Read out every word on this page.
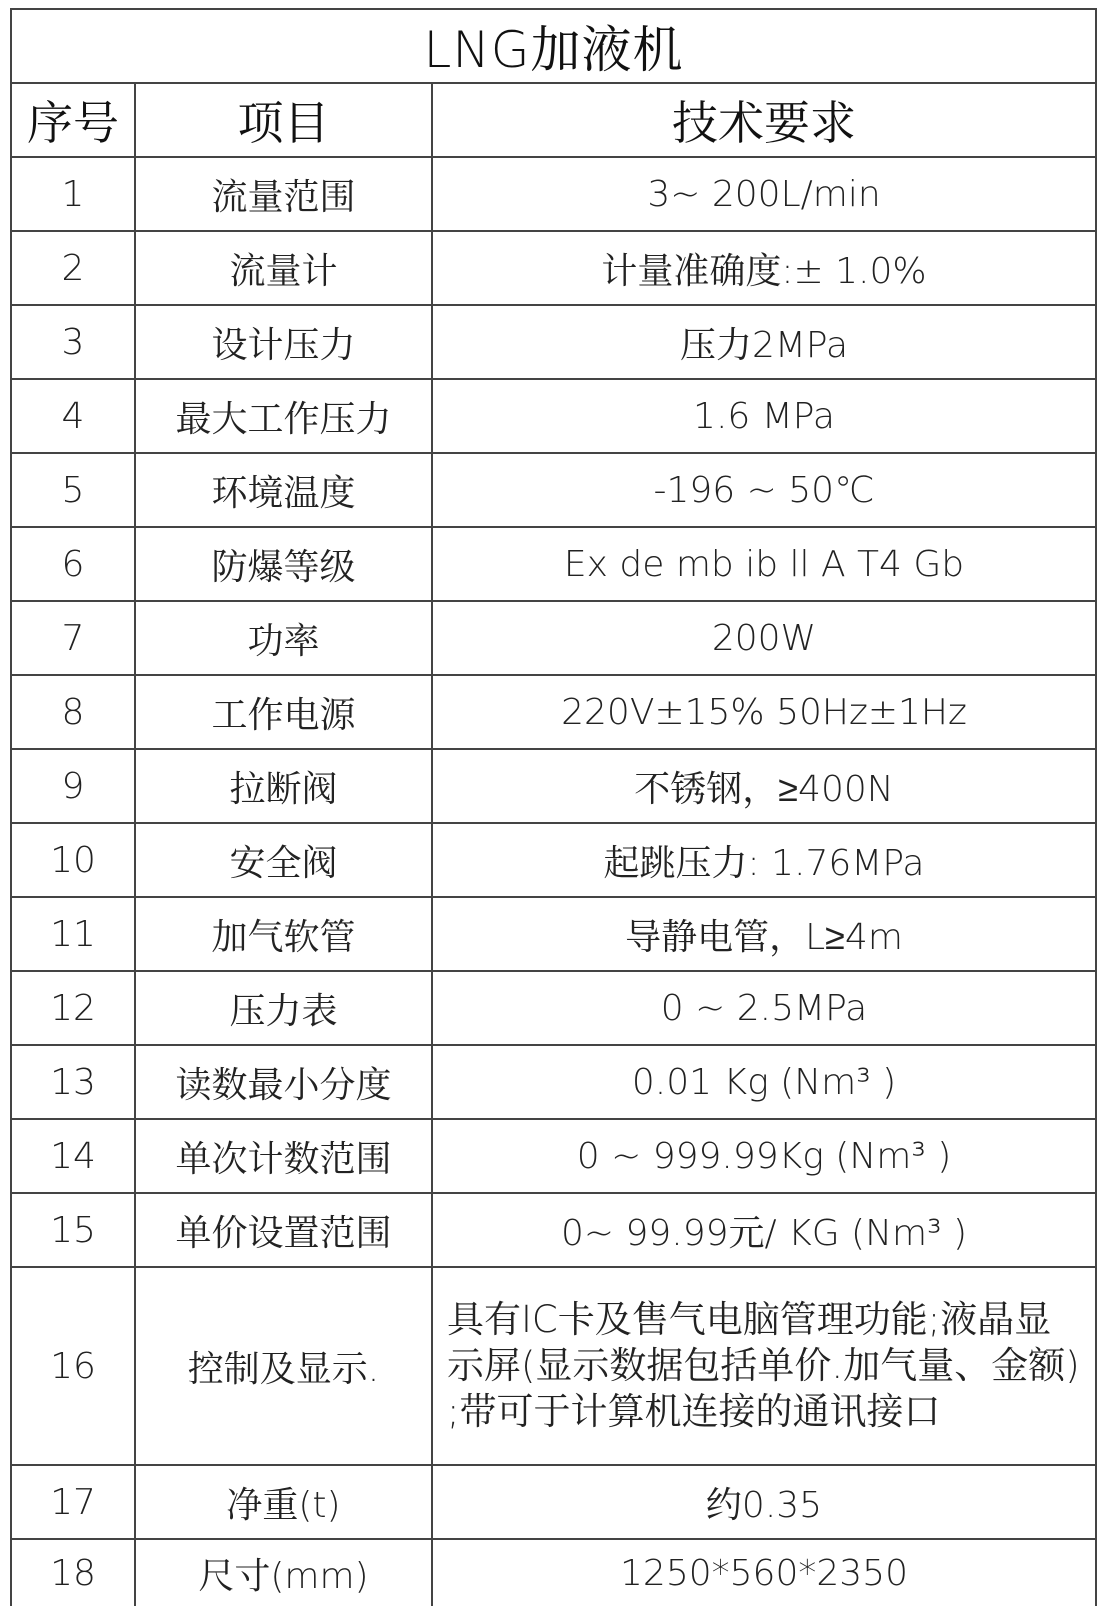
LNG加液机		
序号	项目	技术要求
1	流量范围	3~ 200L/min
2	流量计	计量准确度:± 1.0%
3	设计压力	压力2MPa
4	最大工作压力	1.6 MPa
5	环境温度	-196 ~ 50℃
6	防爆等级	Ex de mb ib ll A T4 Gb
7	功率	200W
8	工作电源	220V±15% 50Hz±1Hz
9	拉断阀	不锈钢，≥400N
10	安全阀	起跳压力: 1.76MPa
11	加气软管	导静电管，L≥4m
12	压力表	0 ~ 2.5MPa
13	读数最小分度	0.01 Kg (Nm³ )
14	单次计数范围	0 ~ 999.99Kg (Nm³ )
15	单价设置范围	0~ 99.99元/ KG (Nm³ )
16	控制及显示.	具有IC卡及售气电脑管理功能;液晶显示屏(显示数据包括单价.加气量、金额) ;带可于计算机连接的通讯接口
17	净重(t)	约0.35
18	尺寸(mm)	1250*560*2350
